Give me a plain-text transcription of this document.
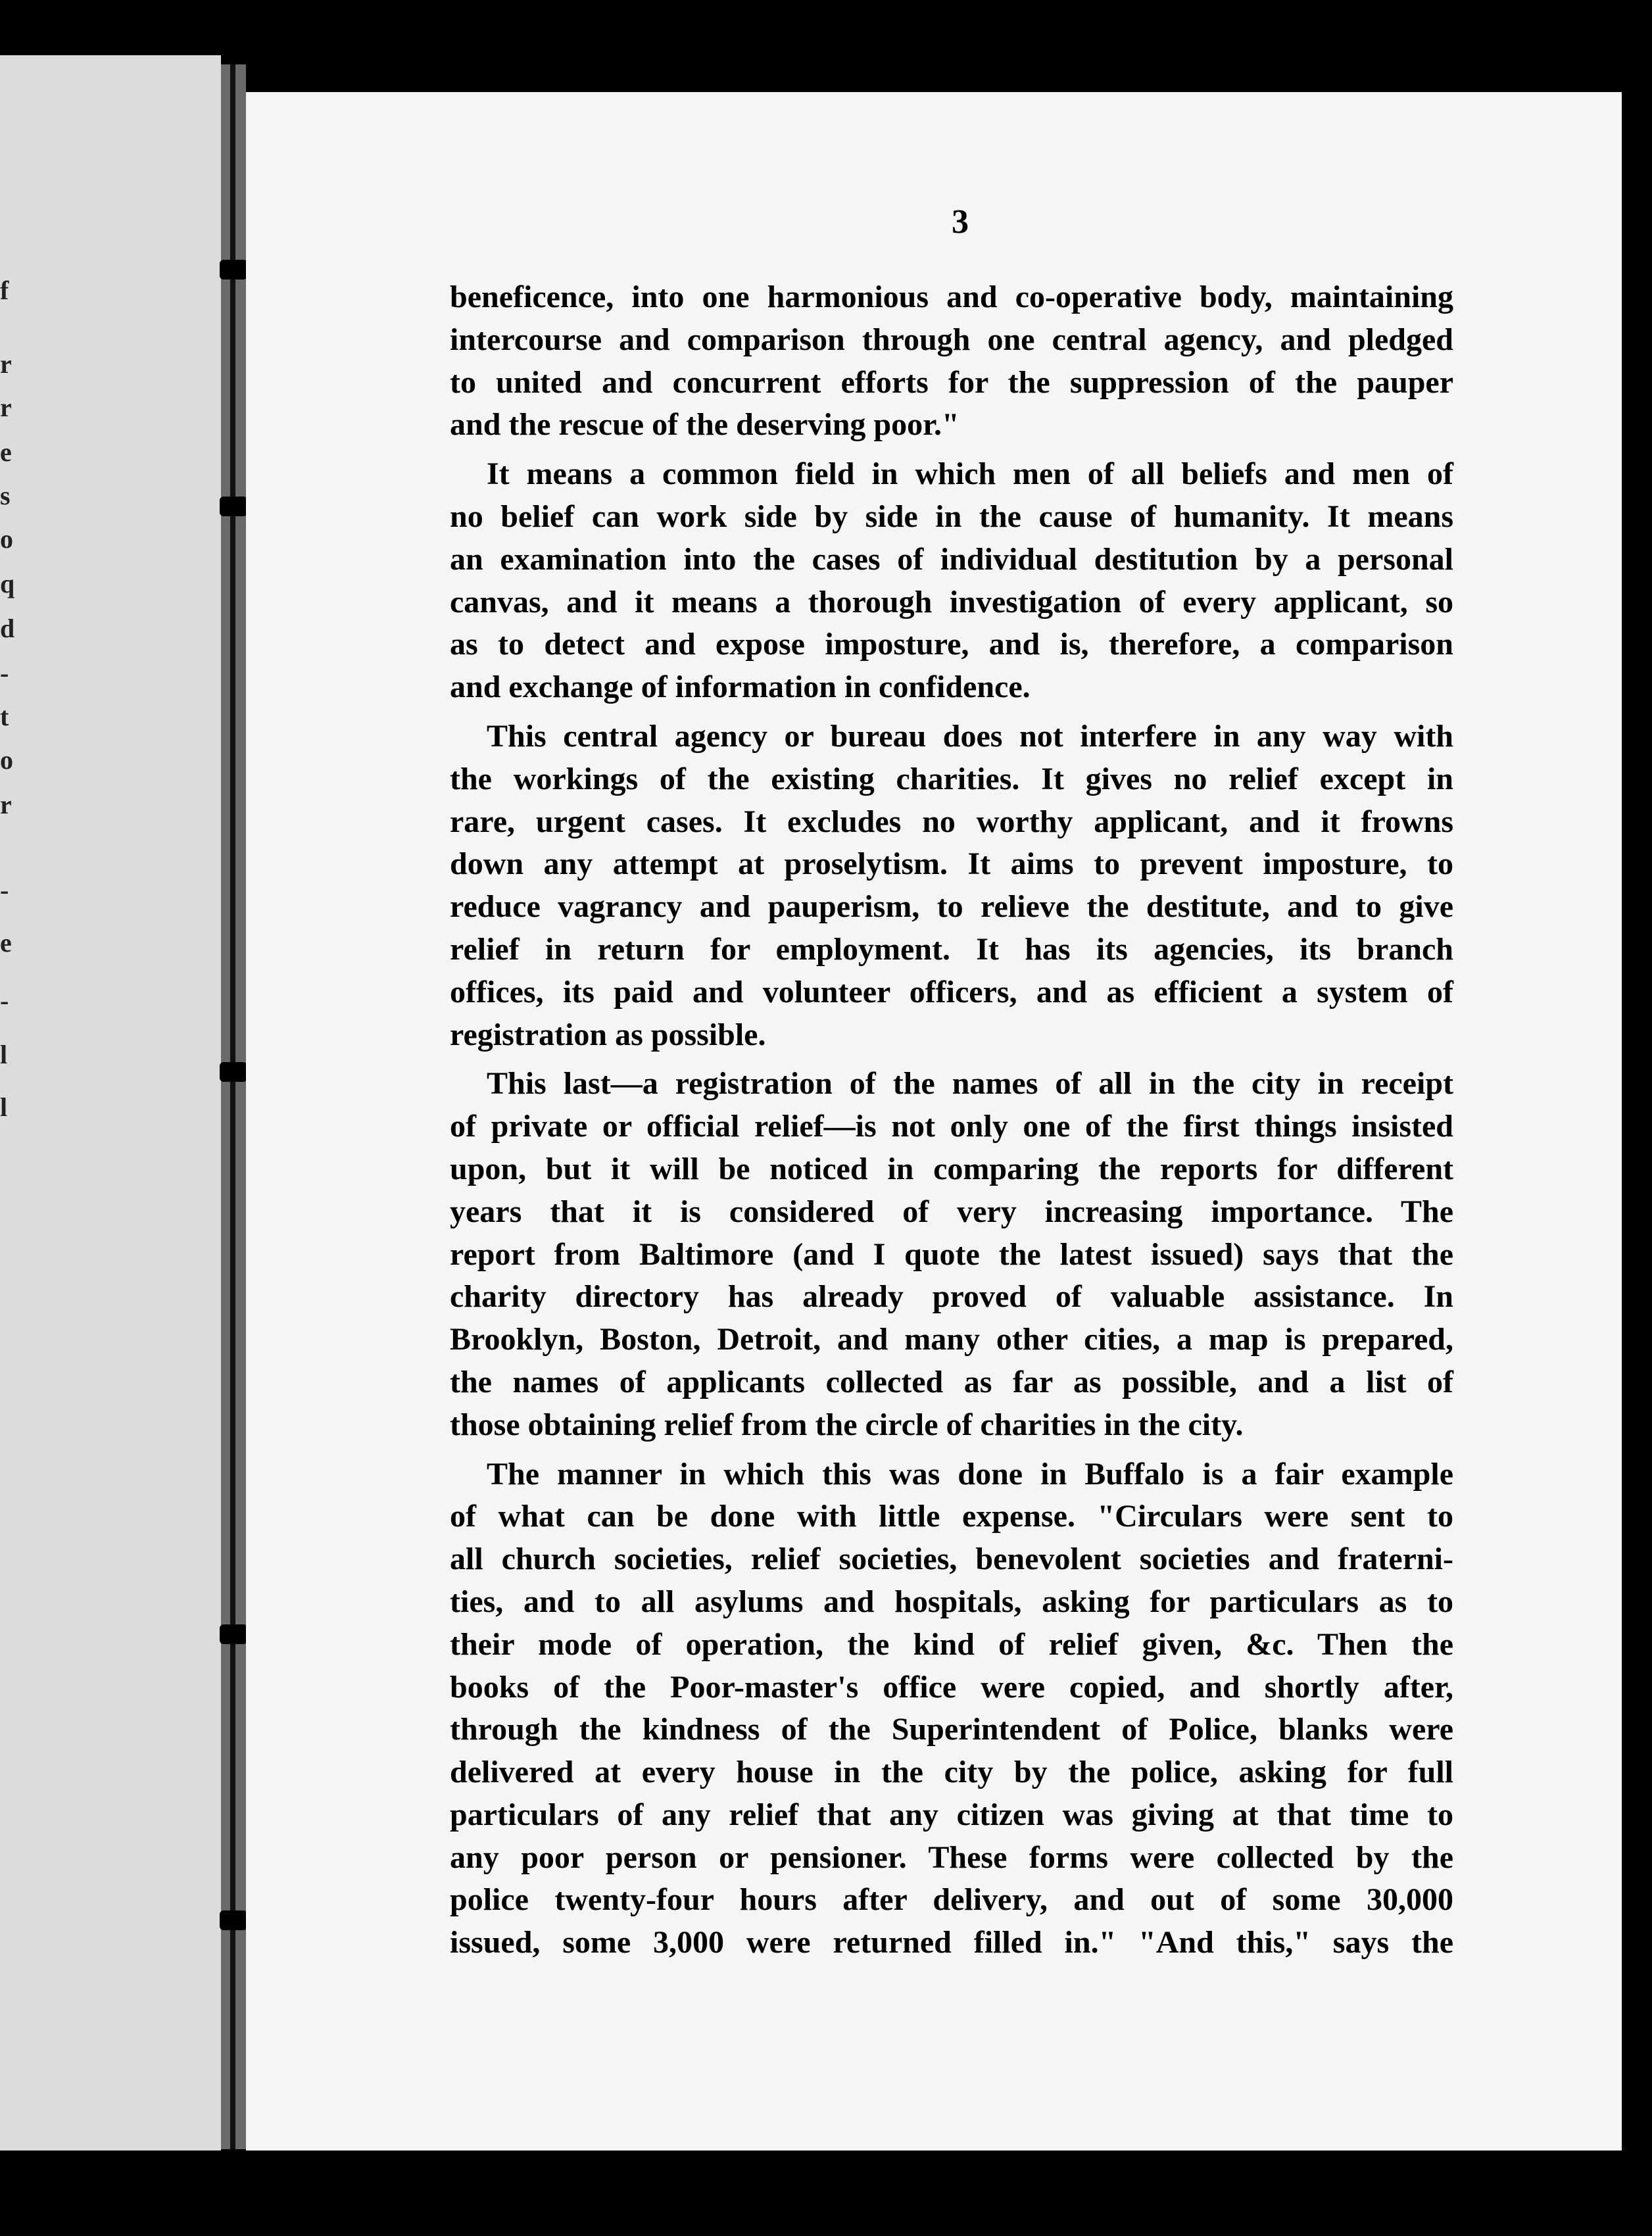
f
r
r
e
s
o
q
d
-
t
o
r
-
e
-
l
l
3
beneficence, into one harmonious and co-operative body, maintaining
intercourse and comparison through one central agency, and pledged
to united and concurrent efforts for the suppression of the pauper
and the rescue of the deserving poor."
It means a common field in which men of all beliefs and men of
no belief can work side by side in the cause of humanity. It means
an examination into the cases of individual destitution by a personal
canvas, and it means a thorough investigation of every applicant, so
as to detect and expose imposture, and is, therefore, a comparison
and exchange of information in confidence.
This central agency or bureau does not interfere in any way with
the workings of the existing charities. It gives no relief except in
rare, urgent cases. It excludes no worthy applicant, and it frowns
down any attempt at proselytism. It aims to prevent imposture, to
reduce vagrancy and pauperism, to relieve the destitute, and to give
relief in return for employment. It has its agencies, its branch
offices, its paid and volunteer officers, and as efficient a system of
registration as possible.
This last—a registration of the names of all in the city in receipt
of private or official relief—is not only one of the first things insisted
upon, but it will be noticed in comparing the reports for different
years that it is considered of very increasing importance. The
report from Baltimore (and I quote the latest issued) says that the
charity directory has already proved of valuable assistance. In
Brooklyn, Boston, Detroit, and many other cities, a map is prepared,
the names of applicants collected as far as possible, and a list of
those obtaining relief from the circle of charities in the city.
The manner in which this was done in Buffalo is a fair example
of what can be done with little expense. "Circulars were sent to
all church societies, relief societies, benevolent societies and fraterni-
ties, and to all asylums and hospitals, asking for particulars as to
their mode of operation, the kind of relief given, &c. Then the
books of the Poor-master's office were copied, and shortly after,
through the kindness of the Superintendent of Police, blanks were
delivered at every house in the city by the police, asking for full
particulars of any relief that any citizen was giving at that time to
any poor person or pensioner. These forms were collected by the
police twenty-four hours after delivery, and out of some 30,000
issued, some 3,000 were returned filled in." "And this," says the
